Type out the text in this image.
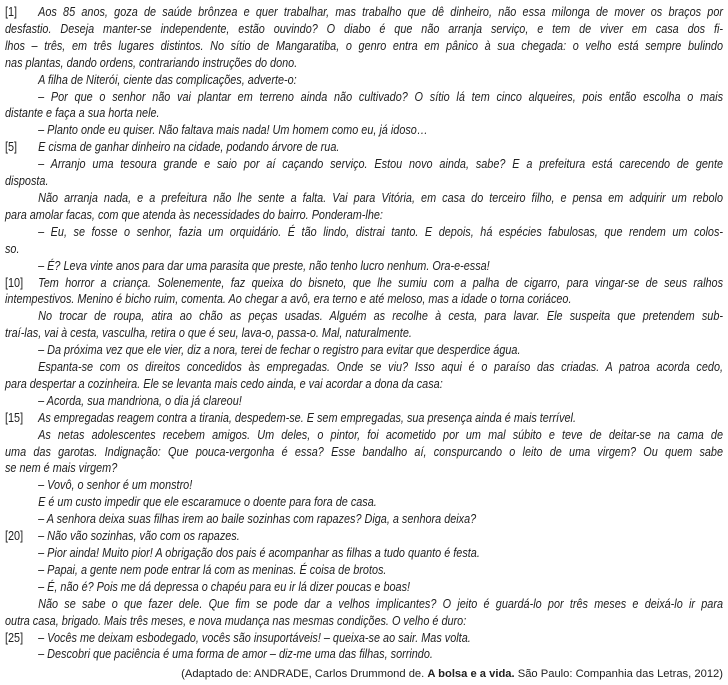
[1] Aos 85 anos, goza de saúde brônzea e quer trabalhar, mas trabalho que dê dinheiro, não essa milonga de mover os braços por
desfastio. Deseja manter-se independente, estão ouvindo? O diabo é que não arranja serviço, e tem de viver em casa dos fi-
lhos – três, em três lugares distintos. No sítio de Mangaratiba, o genro entra em pânico à sua chegada: o velho está sempre bulindo
nas plantas, dando ordens, contrariando instruções do dono.
A filha de Niterói, ciente das complicações, adverte-o:
– Por que o senhor não vai plantar em terreno ainda não cultivado? O sítio lá tem cinco alqueires, pois então escolha o mais
distante e faça a sua horta nele.
– Planto onde eu quiser. Não faltava mais nada! Um homem como eu, já idoso…
[5] E cisma de ganhar dinheiro na cidade, podando árvore de rua.
– Arranjo uma tesoura grande e saio por aí caçando serviço. Estou novo ainda, sabe? E a prefeitura está carecendo de gente
disposta.
Não arranja nada, e a prefeitura não lhe sente a falta. Vai para Vitória, em casa do terceiro filho, e pensa em adquirir um rebolo
para amolar facas, com que atenda às necessidades do bairro. Ponderam-lhe:
– Eu, se fosse o senhor, fazia um orquidário. É tão lindo, distrai tanto. E depois, há espécies fabulosas, que rendem um colos-
so.
– É? Leva vinte anos para dar uma parasita que preste, não tenho lucro nenhum. Ora-e-essa!
[10] Tem horror a criança. Solenemente, faz queixa do bisneto, que lhe sumiu com a palha de cigarro, para vingar-se de seus ralhos
intempestivos. Menino é bicho ruim, comenta. Ao chegar a avô, era terno e até meloso, mas a idade o torna coriáceo.
No trocar de roupa, atira ao chão as peças usadas. Alguém as recolhe à cesta, para lavar. Ele suspeita que pretendem sub-
traí-las, vai à cesta, vasculha, retira o que é seu, lava-o, passa-o. Mal, naturalmente.
– Da próxima vez que ele vier, diz a nora, terei de fechar o registro para evitar que desperdice água.
Espanta-se com os direitos concedidos às empregadas. Onde se viu? Isso aqui é o paraíso das criadas. A patroa acorda cedo,
para despertar a cozinheira. Ele se levanta mais cedo ainda, e vai acordar a dona da casa:
– Acorda, sua mandriona, o dia já clareou!
[15] As empregadas reagem contra a tirania, despedem-se. E sem empregadas, sua presença ainda é mais terrível.
As netas adolescentes recebem amigos. Um deles, o pintor, foi acometido por um mal súbito e teve de deitar-se na cama de
uma das garotas. Indignação: Que pouca-vergonha é essa? Esse bandalho aí, conspurcando o leito de uma virgem? Ou quem sabe
se nem é mais virgem?
– Vovô, o senhor é um monstro!
E é um custo impedir que ele escaramuce o doente para fora de casa.
– A senhora deixa suas filhas irem ao baile sozinhas com rapazes? Diga, a senhora deixa?
[20] – Não vão sozinhas, vão com os rapazes.
– Pior ainda! Muito pior! A obrigação dos pais é acompanhar as filhas a tudo quanto é festa.
– Papai, a gente nem pode entrar lá com as meninas. É coisa de brotos.
– É, não é? Pois me dá depressa o chapéu para eu ir lá dizer poucas e boas!
Não se sabe o que fazer dele. Que fim se pode dar a velhos implicantes? O jeito é guardá-lo por três meses e deixá-lo ir para
outra casa, brigado. Mais três meses, e nova mudança nas mesmas condições. O velho é duro:
[25] – Vocês me deixam esbodegado, vocês são insuportáveis! – queixa-se ao sair. Mas volta.
– Descobri que paciência é uma forma de amor – diz-me uma das filhas, sorrindo.
(Adaptado de: ANDRADE, Carlos Drummond de. A bolsa e a vida. São Paulo: Companhia das Letras, 2012)
